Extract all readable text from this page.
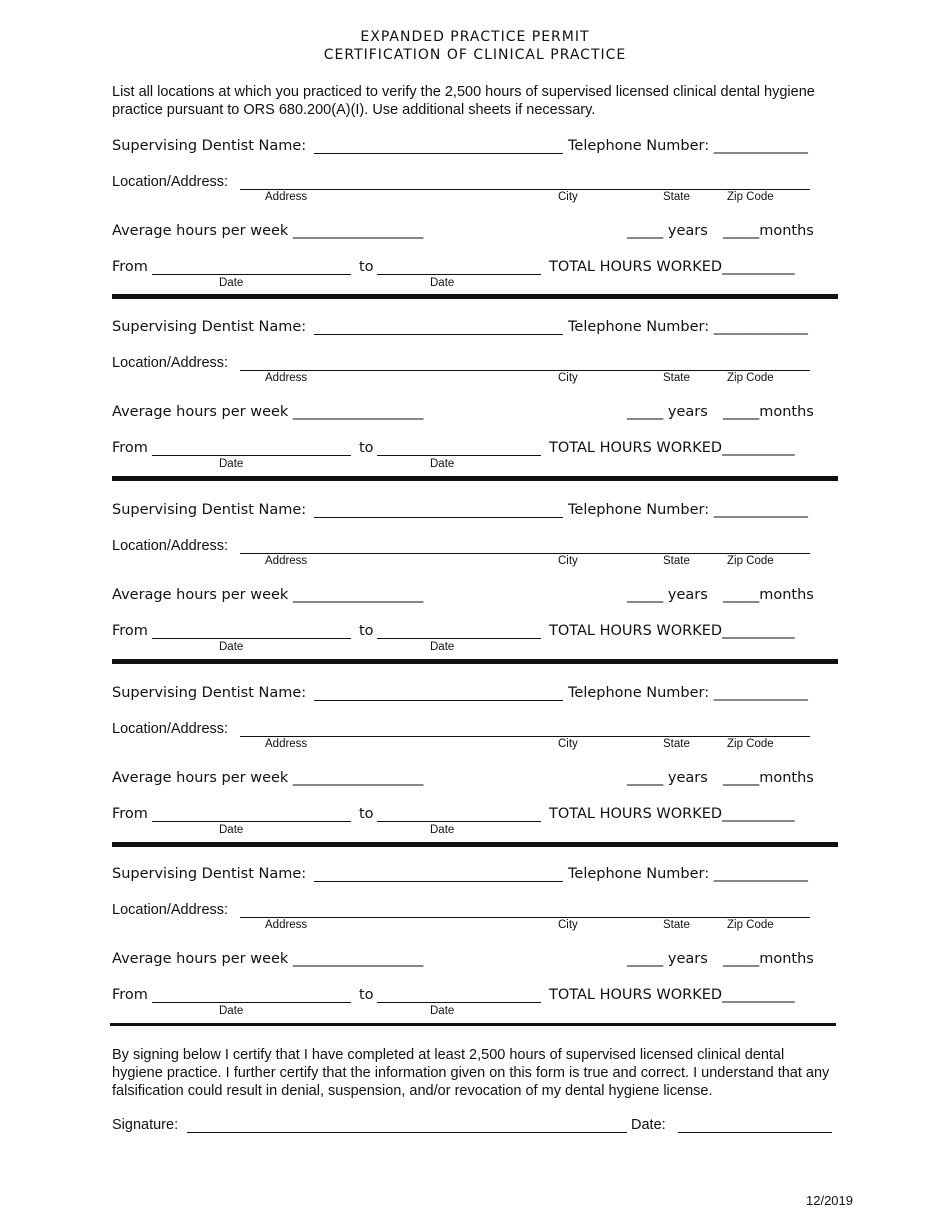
EXPANDED PRACTICE PERMIT
CERTIFICATION OF CLINICAL PRACTICE
List all locations at which you practiced to verify the 2,500 hours of supervised licensed clinical dental hygiene practice pursuant to ORS 680.200(A)(I). Use additional sheets if necessary.
Supervising Dentist Name:	Telephone Number: _____________
Location/Address:
Address	City	State	Zip Code
Average hours per week __________________	_____ years _____months
From	to	TOTAL HOURS WORKED__________
Date	Date
Supervising Dentist Name:	Telephone Number: _____________
Location/Address:
Address	City	State	Zip Code
Average hours per week __________________	_____ years _____months
From	to	TOTAL HOURS WORKED__________
Date	Date
Supervising Dentist Name:	Telephone Number: _____________
Location/Address:
Address	City	State	Zip Code
Average hours per week __________________	_____ years _____months
From	to	TOTAL HOURS WORKED__________
Date	Date
Supervising Dentist Name:	Telephone Number: _____________
Location/Address:
Address	City	State	Zip Code
Average hours per week __________________	_____ years _____months
From	to	TOTAL HOURS WORKED__________
Date	Date
Supervising Dentist Name:	Telephone Number: _____________
Location/Address:
Address	City	State	Zip Code
Average hours per week __________________	_____ years _____months
From	to	TOTAL HOURS WORKED__________
Date	Date
By signing below I certify that I have completed at least 2,500 hours of supervised licensed clinical dental hygiene practice. I further certify that the information given on this form is true and correct. I understand that any falsification could result in denial, suspension, and/or revocation of my dental hygiene license.
Signature:	Date:
12/2019
